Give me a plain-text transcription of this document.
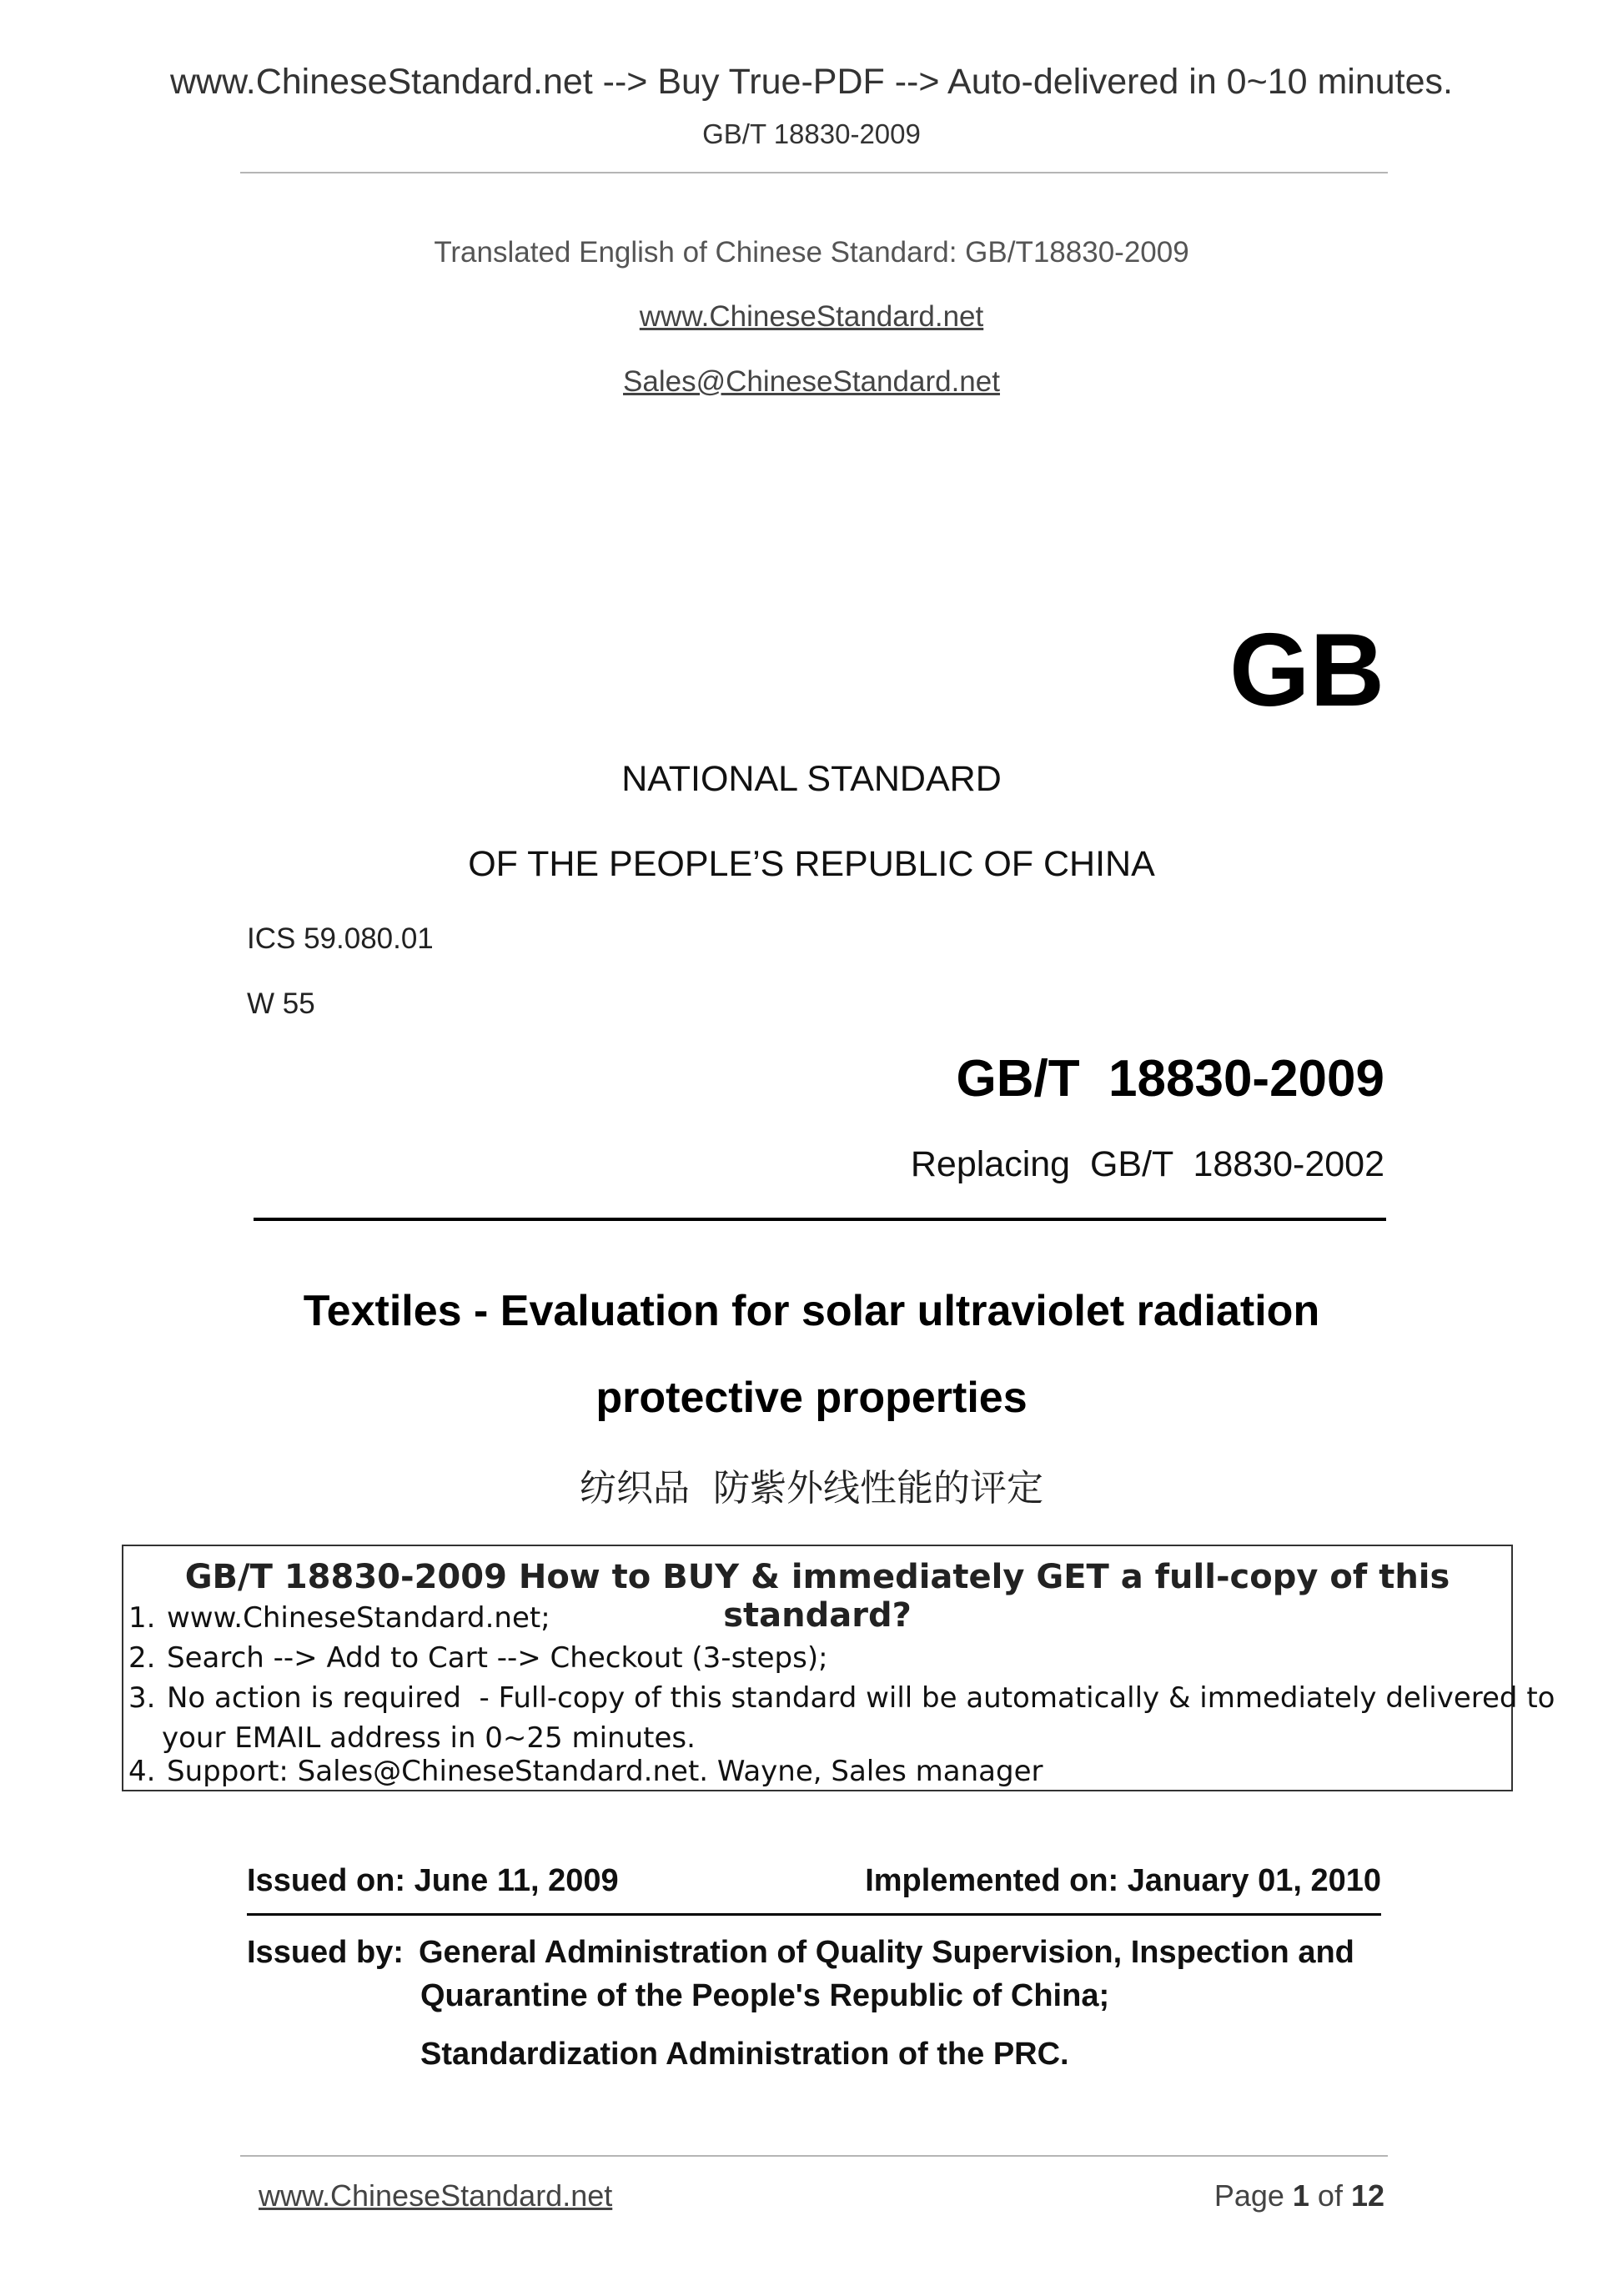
www.ChineseStandard.net --> Buy True-PDF --> Auto-delivered in 0~10 minutes.
GB/T 18830-2009
Translated English of Chinese Standard: GB/T18830-2009
www.ChineseStandard.net
Sales@ChineseStandard.net
GB
NATIONAL STANDARD
OF THE PEOPLE’S REPUBLIC OF CHINA
ICS 59.080.01
W 55
GB/T  18830-2009
Replacing  GB/T  18830-2002
Textiles - Evaluation for solar ultraviolet radiation
protective properties
纺织品  防紫外线性能的评定
GB/T 18830-2009 How to BUY & immediately GET a full-copy of this standard?
1. www.ChineseStandard.net;
2. Search --> Add to Cart --> Checkout (3-steps);
3. No action is required  - Full-copy of this standard will be automatically & immediately delivered to
your EMAIL address in 0~25 minutes.
4. Support: Sales@ChineseStandard.net. Wayne, Sales manager
Issued on: June 11, 2009	Implemented on: January 01, 2010
Issued by: General Administration of Quality Supervision, Inspection and
Quarantine of the People's Republic of China;
Standardization Administration of the PRC.
www.ChineseStandard.net	Page 1 of 12
